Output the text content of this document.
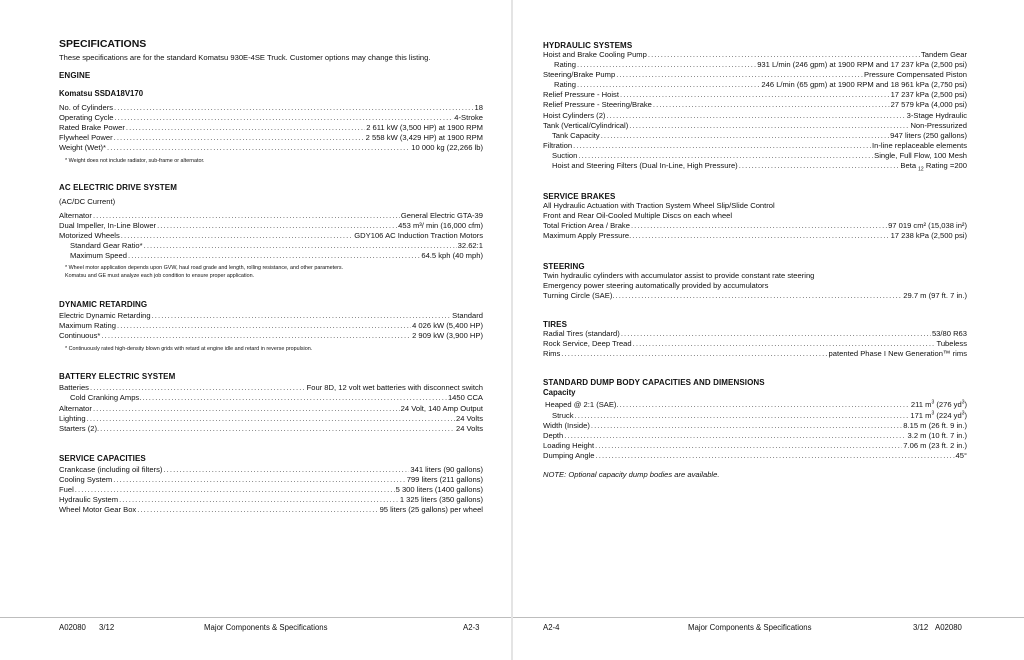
SPECIFICATIONS
These specifications are for the standard Komatsu 930E-4SE Truck. Customer options may change this listing.
ENGINE
Komatsu SSDA18V170
No. of Cylinders . . .	18
Operating Cycle . . .	4-Stroke
Rated Brake Power . . .	2 611 kW (3,500 HP) at 1900 RPM
Flywheel Power . . .	2 558 kW (3,429 HP) at 1900 RPM
Weight (Wet)* . . .	10 000 kg (22,266 lb)
* Weight does not include radiator, sub-frame or alternator.
AC ELECTRIC DRIVE SYSTEM
(AC/DC Current)
Alternator . . .	General Electric GTA-39
Dual Impeller, In-Line Blower . . .	453 m³/ min (16,000 cfm)
Motorized Wheels . . .	GDY106 AC Induction Traction Motors
Standard Gear Ratio* . . .	32.62:1
Maximum Speed . . .	64.5 kph (40 mph)
* Wheel motor application depends upon GVW, haul road grade and length, rolling resistance, and other parameters.
Komatsu and GE must analyze each job condition to ensure proper application.
DYNAMIC RETARDING
Electric Dynamic Retarding . . .	Standard
Maximum Rating . . .	4 026 kW (5,400 HP)
Continuous* . . .	2 909 kW (3,900 HP)
* Continuously rated high-density blown grids with retard at engine idle and retard in reverse propulsion.
BATTERY ELECTRIC SYSTEM
Batteries . . .	Four 8D, 12 volt wet batteries with disconnect switch
Cold Cranking Amps. . . .	1450 CCA
Alternator . . .	24 Volt, 140 Amp Output
Lighting . . .	24 Volts
Starters (2). . . .	24 Volts
SERVICE CAPACITIES
Crankcase (including oil filters) . . .	341 liters (90 gallons)
Cooling System . . .	799 liters (211 gallons)
Fuel . . .	5 300 liters (1400 gallons)
Hydraulic System . . .	1 325 liters (350 gallons)
Wheel Motor Gear Box . . .	95 liters (25 gallons) per wheel
A02080 3/12	Major Components & Specifications	A2-3
HYDRAULIC SYSTEMS
Hoist and Brake Cooling Pump . . .	Tandem Gear
Rating . . .	931 L/min (246 gpm) at 1900 RPM and 17 237 kPa (2,500 psi)
Steering/Brake Pump . . .	Pressure Compensated Piston
Rating . . .	246 L/min (65 gpm) at 1900 RPM and 18 961 kPa (2,750 psi)
Relief Pressure - Hoist . . .	17 237 kPa (2,500 psi)
Relief Pressure - Steering/Brake . . .	27 579 kPa (4,000 psi)
Hoist Cylinders (2) . . .	3-Stage Hydraulic
Tank (Vertical/Cylindrical) . . .	Non-Pressurized
Tank Capacity . . .	947 liters (250 gallons)
Filtration . . .	In-line replaceable elements
Suction . . .	Single, Full Flow, 100 Mesh
Hoist and Steering Filters (Dual In-Line, High Pressure) . . .	Beta $_{12}$ Rating =200
SERVICE BRAKES
All Hydraulic Actuation with Traction System Wheel Slip/Slide Control
Front and Rear Oil-Cooled Multiple Discs on each wheel
Total Friction Area / Brake . . .	97 019 cm² (15,038 in²)
Maximum Apply Pressure. . . .	17 238 kPa (2,500 psi)
STEERING
Twin hydraulic cylinders with accumulator assist to provide constant rate steering
Emergency power steering automatically provided by accumulators
Turning Circle (SAE). . . .	29.7 m (97 ft. 7 in.)
TIRES
Radial Tires (standard) . . .	53/80 R63
Rock Service, Deep Tread . . .	Tubeless
Rims . . .	patented Phase I New Generation™ rims
STANDARD DUMP BODY CAPACITIES AND DIMENSIONS
Capacity
Heaped @ 2:1 (SAE). . . .	211 $m^3$ (276 $yd^3$)
Struck . . .	171 $m^3$ (224 $yd^3$)
Width (Inside) . . .	8.15 m (26 ft. 9 in.)
Depth . . .	3.2 m (10 ft. 7 in.)
Loading Height . . .	7.06 m (23 ft. 2 in.)
Dumping Angle . . .	45°
NOTE: Optional capacity dump bodies are available.
A2-4	Major Components & Specifications	3/12 A02080
